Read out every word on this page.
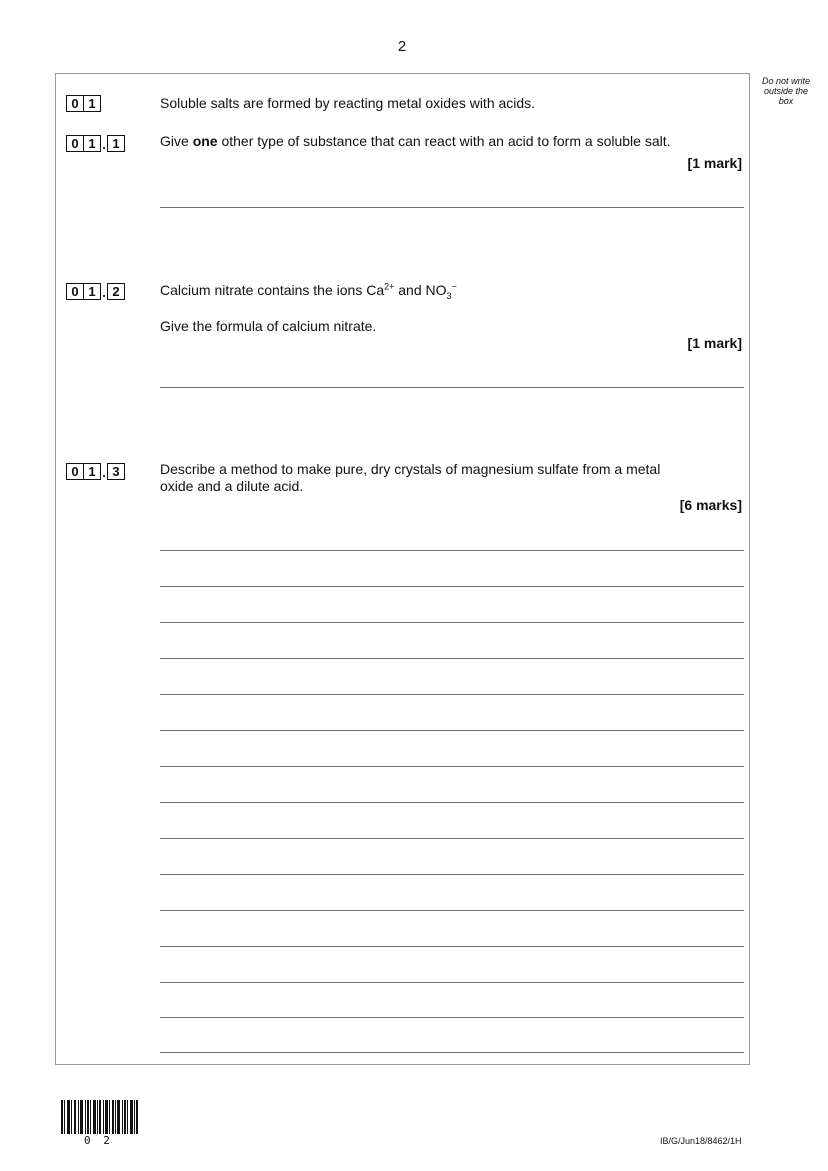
2
Do not write
outside the
box
0 1	Soluble salts are formed by reacting metal oxides with acids.
0 1 . 1	Give one other type of substance that can react with an acid to form a soluble salt.
[1 mark]
0 1 . 2	Calcium nitrate contains the ions $Ca^{2+}$ and $NO_3^-$
Give the formula of calcium nitrate.
[1 mark]
0 1 . 3	Describe a method to make pure, dry crystals of magnesium sulfate from a metal
oxide and a dilute acid.
[6 marks]
0 2	IB/G/Jun18/8462/1H
